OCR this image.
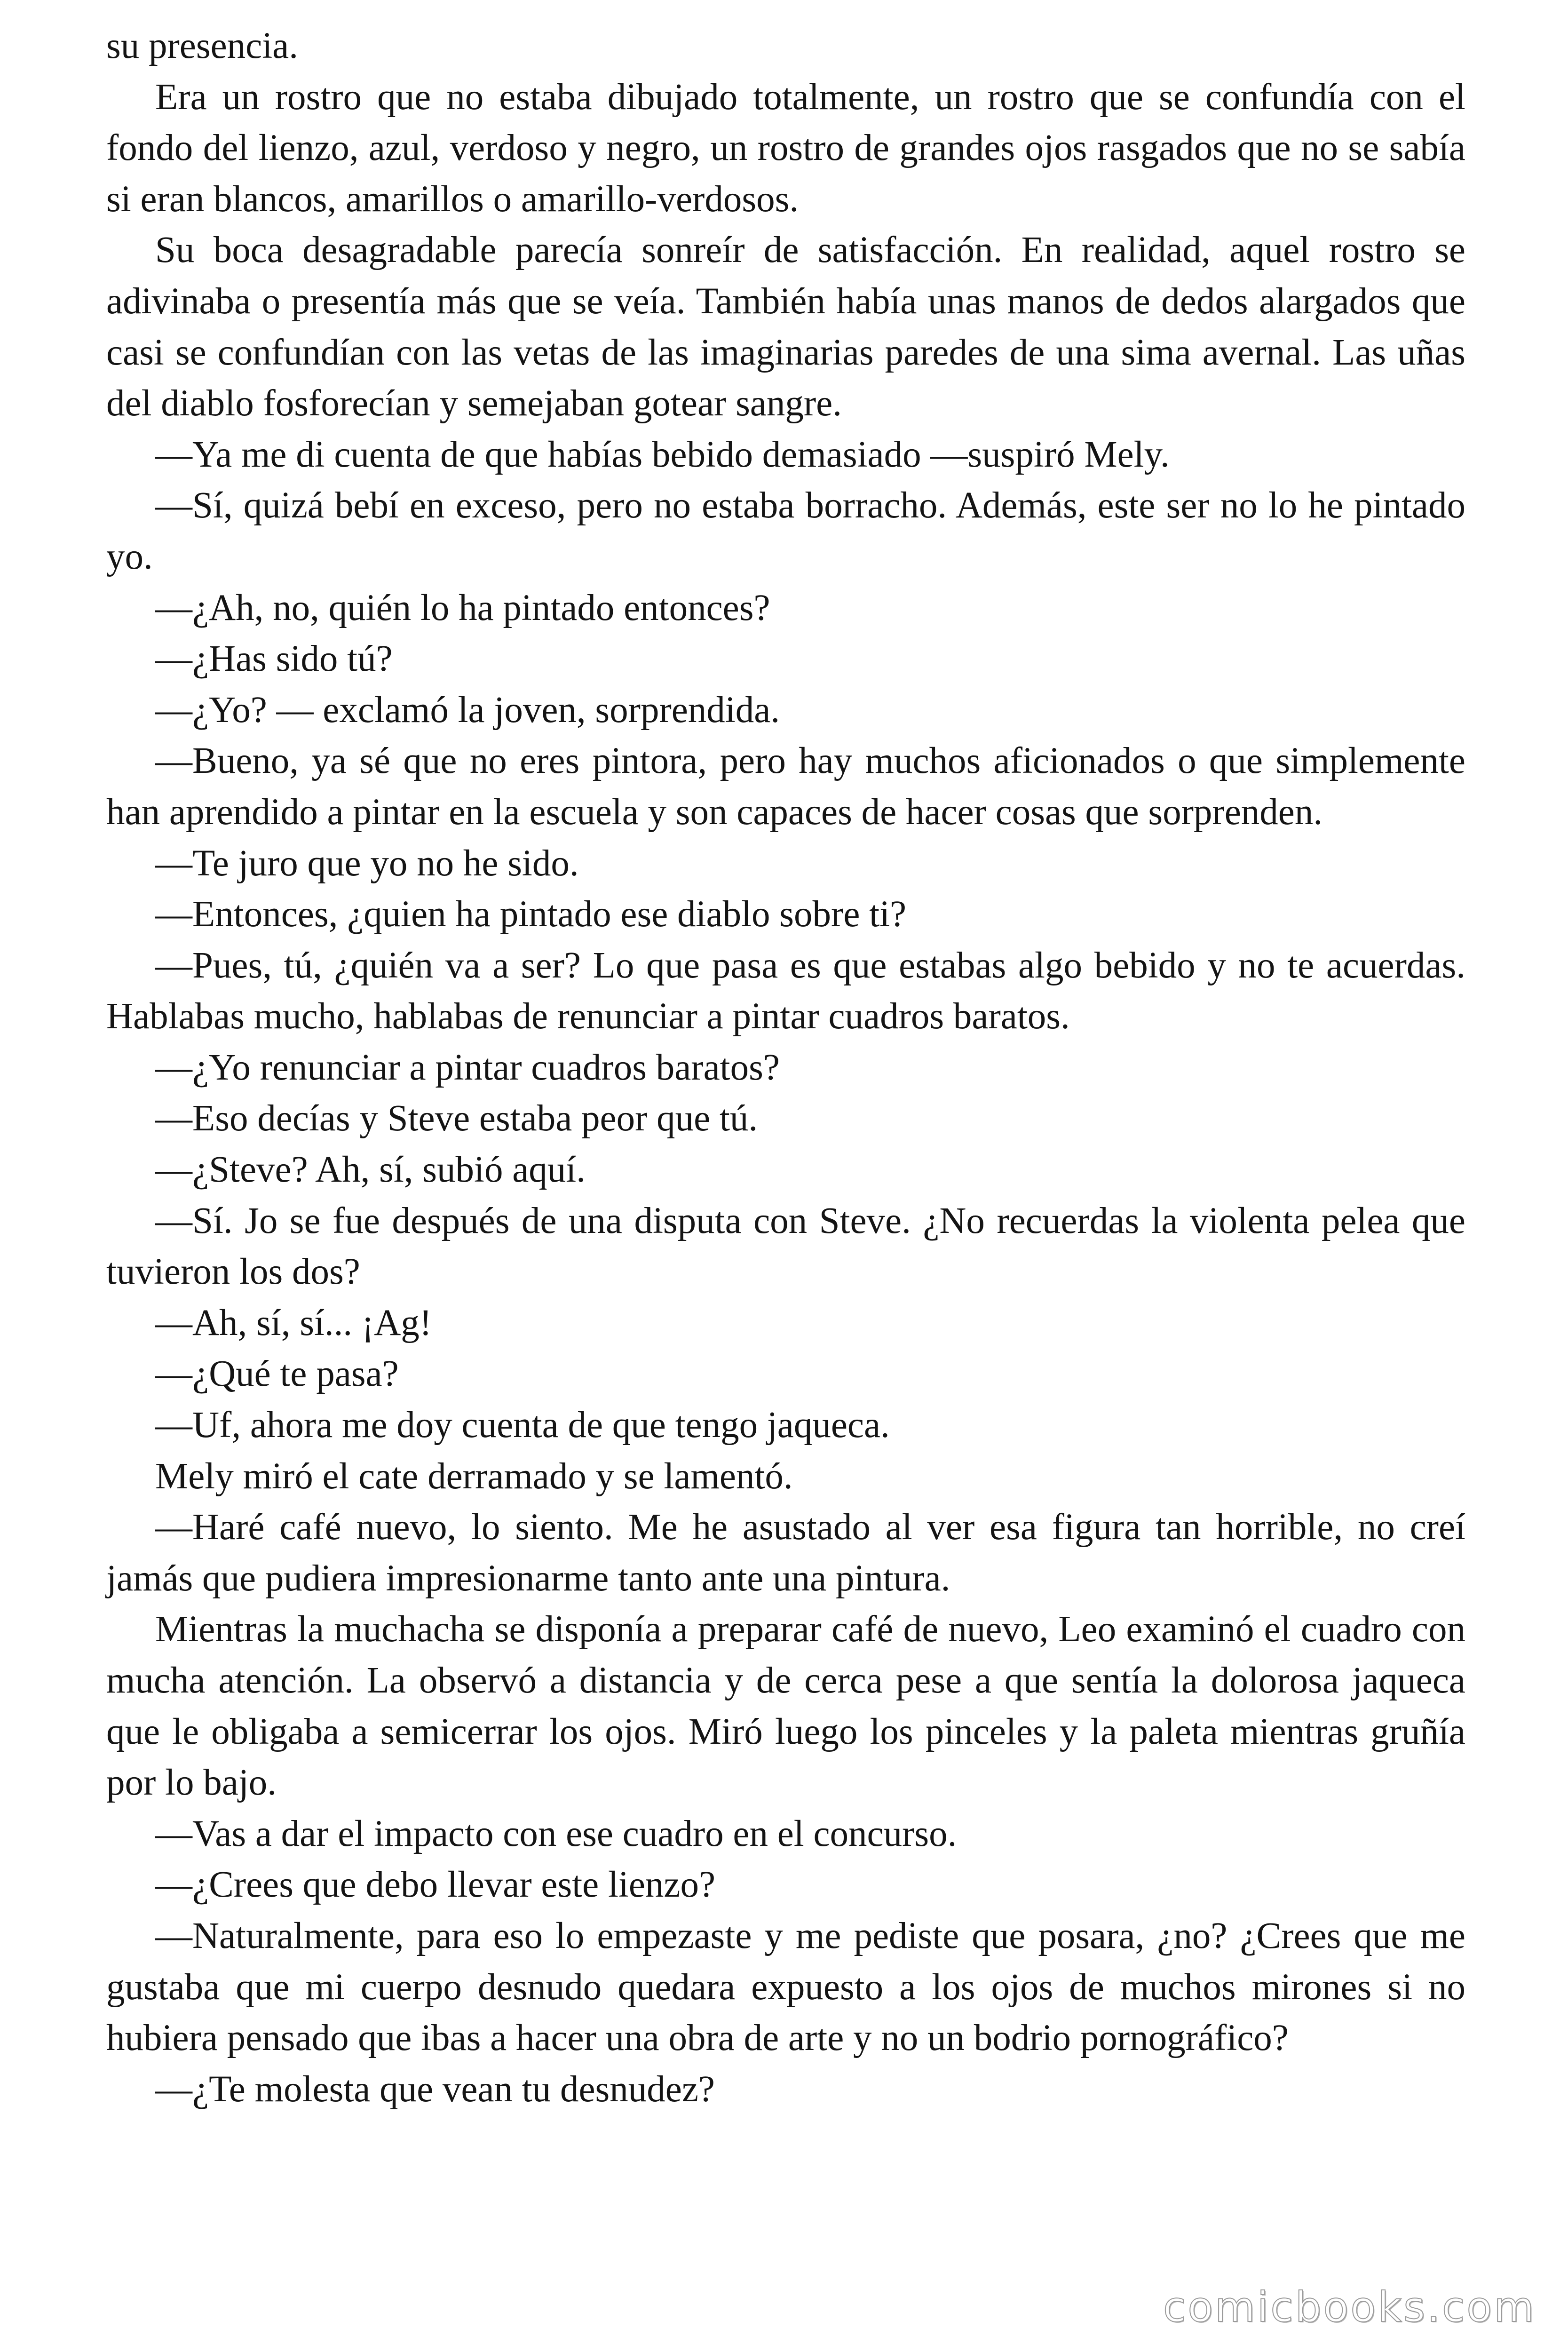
su presencia.

Era un rostro que no estaba dibujado totalmente, un rostro que se confundía con el fondo del lienzo, azul, verdoso y negro, un rostro de grandes ojos rasgados que no se sabía si eran blancos, amarillos o amarillo-verdosos.

Su boca desagradable parecía sonreír de satisfacción. En realidad, aquel rostro se adivinaba o presentía más que se veía. También había unas manos de dedos alargados que casi se confundían con las vetas de las imaginarias paredes de una sima avernal. Las uñas del diablo fosforecían y semejaban gotear sangre.

—Ya me di cuenta de que habías bebido demasiado —suspiró Mely.

—Sí, quizá bebí en exceso, pero no estaba borracho. Además, este ser no lo he pintado yo.

—¿Ah, no, quién lo ha pintado entonces?

—¿Has sido tú?

—¿Yo? — exclamó la joven, sorprendida.

—Bueno, ya sé que no eres pintora, pero hay muchos aficionados o que simplemente han aprendido a pintar en la escuela y son capaces de hacer cosas que sorprenden.

—Te juro que yo no he sido.

—Entonces, ¿quien ha pintado ese diablo sobre ti?

—Pues, tú, ¿quién va a ser? Lo que pasa es que estabas algo bebido y no te acuerdas. Hablabas mucho, hablabas de renunciar a pintar cuadros baratos.

—¿Yo renunciar a pintar cuadros baratos?

—Eso decías y Steve estaba peor que tú.

—¿Steve? Ah, sí, subió aquí.

—Sí. Jo se fue después de una disputa con Steve. ¿No recuerdas la violenta pelea que tuvieron los dos?

—Ah, sí, sí... ¡Ag!

—¿Qué te pasa?

—Uf, ahora me doy cuenta de que tengo jaqueca.

Mely miró el cate derramado y se lamentó.

—Haré café nuevo, lo siento. Me he asustado al ver esa figura tan horrible, no creí jamás que pudiera impresionarme tanto ante una pintura.

Mientras la muchacha se disponía a preparar café de nuevo, Leo examinó el cuadro con mucha atención. La observó a distancia y de cerca pese a que sentía la dolorosa jaqueca que le obligaba a semicerrar los ojos. Miró luego los pinceles y la paleta mientras gruñía por lo bajo.

—Vas a dar el impacto con ese cuadro en el concurso.

—¿Crees que debo llevar este lienzo?

—Naturalmente, para eso lo empezaste y me pediste que posara, ¿no? ¿Crees que me gustaba que mi cuerpo desnudo quedara expuesto a los ojos de muchos mirones si no hubiera pensado que ibas a hacer una obra de arte y no un bodrio pornográfico?

—¿Te molesta que vean tu desnudez?

comicbooks.com
